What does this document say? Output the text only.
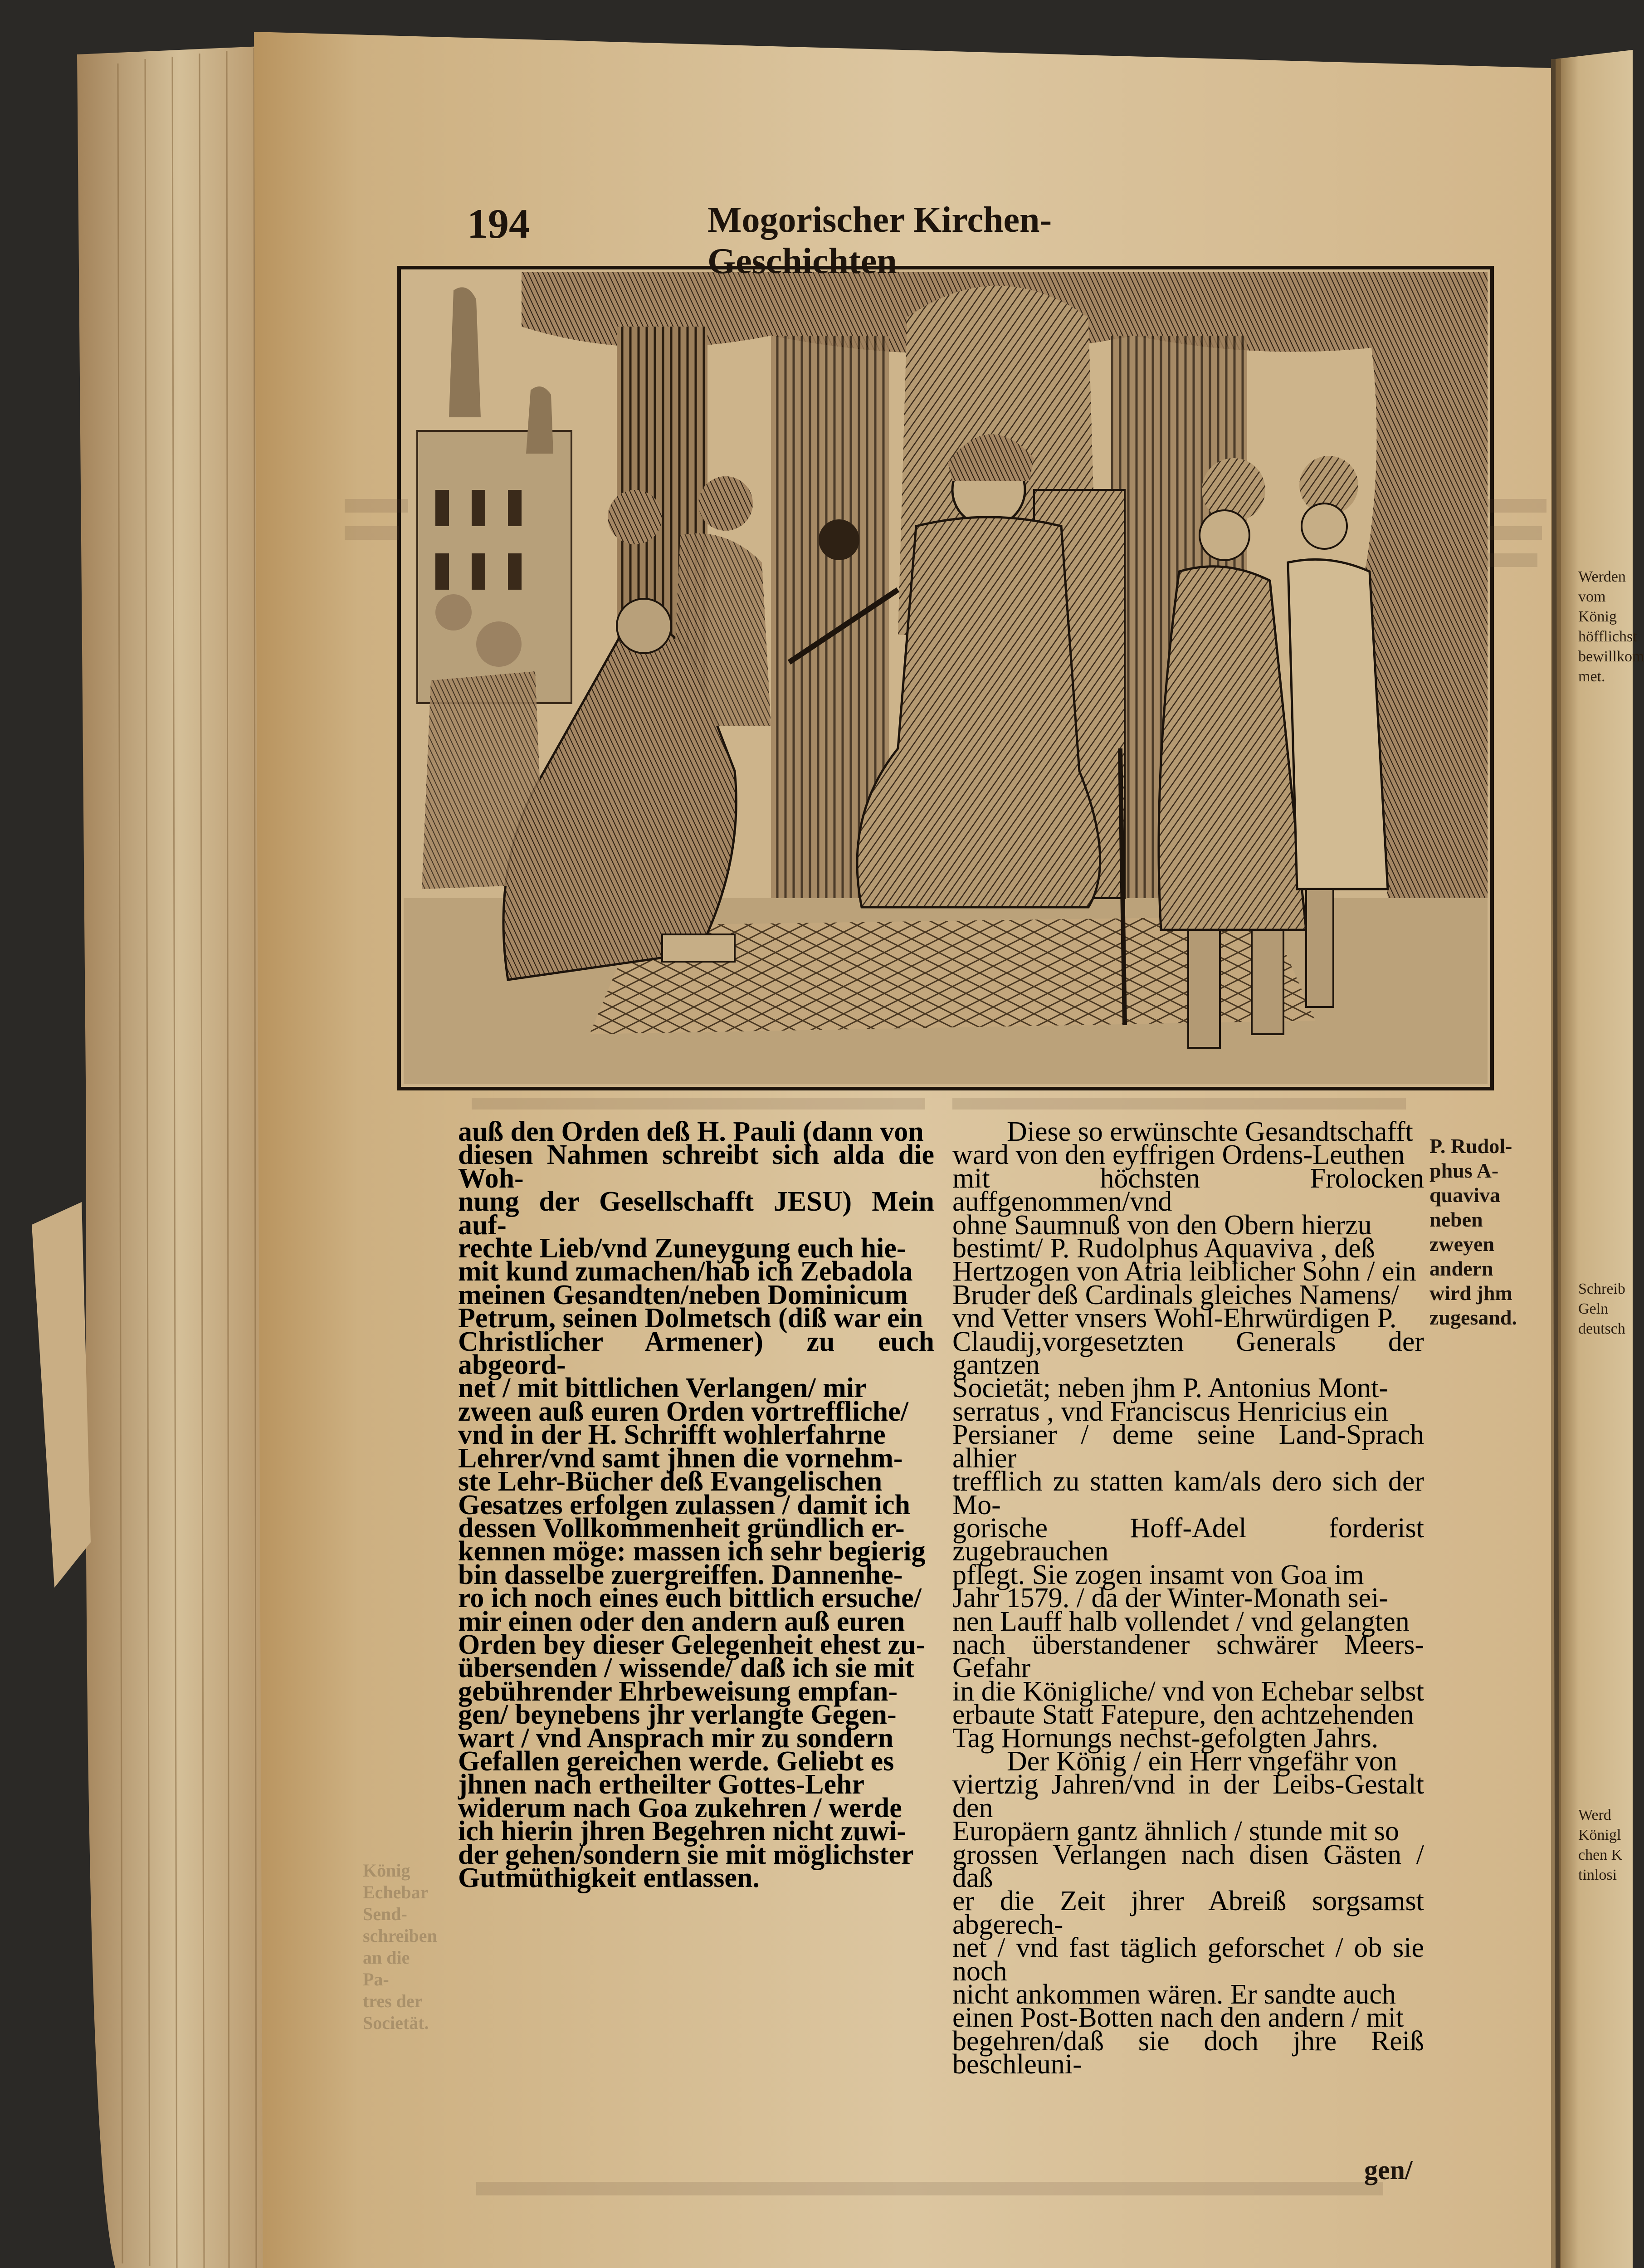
194	Mogorischer Kirchen-Geschichten
auß den Orden deß H. Pauli (dann von
diesen Nahmen schreibt sich alda die Woh-
nung der Gesellschafft JESU) Mein auf-
rechte Lieb/vnd Zuneygung euch hie-
mit kund zumachen/hab ich Zebadola
meinen Gesandten/neben Dominicum
Petrum, seinen Dolmetsch (diß war ein
Christlicher Armener) zu euch abgeord-
net / mit bittlichen Verlangen/ mir
zween auß euren Orden vortreffliche/
vnd in der H. Schrifft wohlerfahrne
Lehrer/vnd samt jhnen die vornehm-
ste Lehr-Bücher deß Evangelischen
Gesatzes erfolgen zulassen / damit ich
dessen Vollkommenheit gründlich er-
kennen möge: massen ich sehr begierig
bin dasselbe zuergreiffen. Dannenhe-
ro ich noch eines euch bittlich ersuche/
mir einen oder den andern auß euren
Orden bey dieser Gelegenheit ehest zu-
übersenden / wissende/ daß ich sie mit
gebührender Ehrbeweisung empfan-
gen/ beynebens jhr verlangte Gegen-
wart / vnd Ansprach mir zu sondern
Gefallen gereichen werde. Geliebt es
jhnen nach ertheilter Gottes-Lehr
widerum nach Goa zukehren / werde
ich hierin jhren Begehren nicht zuwi-
der gehen/sondern sie mit möglichster
Gutmüthigkeit entlassen.
Diese so erwünschte Gesandtschafft
ward von den eyffrigen Ordens-Leuthen
mit höchsten Frolocken auffgenommen/vnd
ohne Saumnuß von den Obern hierzu
bestimt/ P. Rudolphus Aquaviva , deß
Hertzogen von Atria leiblicher Sohn / ein
Bruder deß Cardinals gleiches Namens/
vnd Vetter vnsers Wohl-Ehrwürdigen P.
Claudij,vorgesetzten Generals der gantzen
Societät; neben jhm P. Antonius Mont-
serratus , vnd Franciscus Henricius ein
Persianer / deme seine Land-Sprach alhier
trefflich zu statten kam/als dero sich der Mo-
gorische Hoff-Adel forderist zugebrauchen
pflegt. Sie zogen insamt von Goa im
Jahr 1579. / da der Winter-Monath sei-
nen Lauff halb vollendet / vnd gelangten
nach überstandener schwärer Meers-Gefahr
in die Königliche/ vnd von Echebar selbst
erbaute Statt Fatepure, den achtzehenden
Tag Hornungs nechst-gefolgten Jahrs.
Der König / ein Herr vngefähr von
viertzig Jahren/vnd in der Leibs-Gestalt den
Europäern gantz ähnlich / stunde mit so
grossen Verlangen nach disen Gästen / daß
er die Zeit jhrer Abreiß sorgsamst abgerech-
net / vnd fast täglich geforschet / ob sie noch
nicht ankommen wären. Er sandte auch
einen Post-Botten nach den andern / mit
begehren/daß sie doch jhre Reiß beschleuni-
gen/
P. Rudol-
phus A-
quaviva
neben
zweyen
andern
wird jhm
zugesand.
König
Echebar
Send-
schreiben
an die Pa-
tres der
Societät.
Werden
vom
König
höfflichst
bewillkom
met.
Schreib
Geln
deutsch
Werd
Königl
chen K
tinlosi
